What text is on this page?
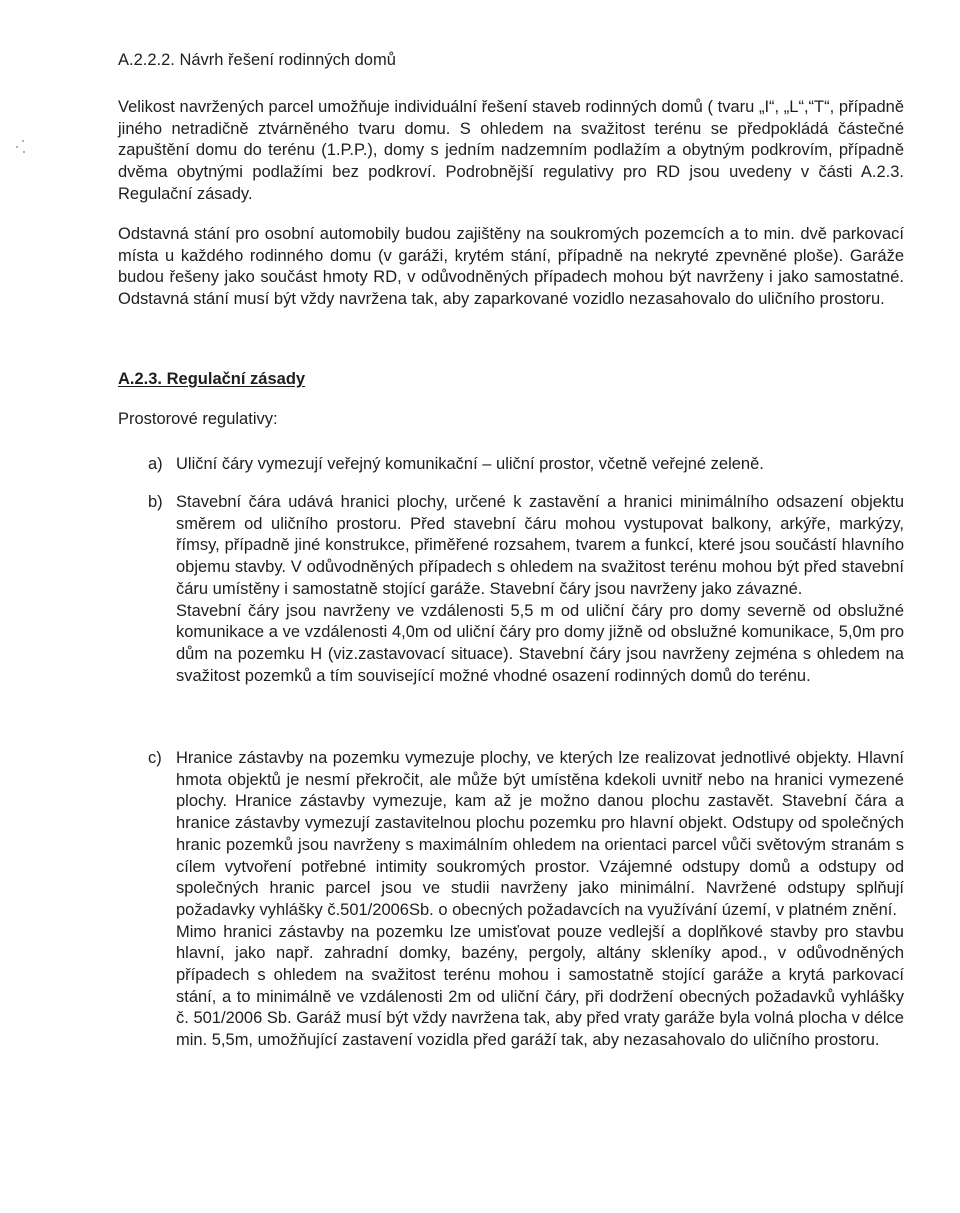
A.2.2.2. Návrh řešení rodinných domů

Velikost navržených parcel umožňuje individuální řešení staveb rodinných domů ( tvaru „I“, „L“,“T“, případně jiného netradičně ztvárněného tvaru domu. S ohledem na svažitost terénu se předpokládá částečné zapuštění domu do terénu (1.P.P.), domy s jedním nadzemním podlažím a obytným podkrovím, případně dvěma obytnými podlažími bez podkroví. Podrobnější regulativy pro RD jsou uvedeny v části A.2.3. Regulační zásady.

Odstavná stání pro osobní automobily budou zajištěny na soukromých pozemcích a to min. dvě parkovací místa u každého rodinného domu (v garáži, krytém stání, případně na nekryté zpevněné ploše). Garáže budou řešeny jako součást hmoty RD, v odůvodněných případech mohou být navrženy i jako samostatné. Odstavná stání musí být vždy navržena tak, aby zaparkované vozidlo nezasahovalo do uličního prostoru.

A.2.3. Regulační zásady

Prostorové regulativy:

a) Uliční čáry vymezují veřejný komunikační – uliční prostor, včetně veřejné zeleně.

b) Stavební čára udává hranici plochy, určené k zastavění a hranici minimálního odsazení objektu směrem od uličního prostoru. Před stavební čáru mohou vystupovat balkony, arkýře, markýzy, římsy, případně jiné konstrukce, přiměřené rozsahem, tvarem a funkcí, které jsou součástí hlavního objemu stavby. V odůvodněných případech s ohledem na svažitost terénu mohou být před stavební čáru umístěny i samostatně stojící garáže. Stavební čáry jsou navrženy jako závazné.

Stavební čáry jsou navrženy ve vzdálenosti 5,5 m od uliční čáry pro domy severně od obslužné komunikace a ve vzdálenosti 4,0m od uliční čáry pro domy jižně od obslužné komunikace, 5,0m pro dům na pozemku H (viz.zastavovací situace). Stavební čáry jsou navrženy zejména s ohledem na svažitost pozemků a tím související možné vhodné osazení rodinných domů do terénu.

c) Hranice zástavby na pozemku vymezuje plochy, ve kterých lze realizovat jednotlivé objekty. Hlavní hmota objektů je nesmí překročit, ale může být umístěna kdekoli uvnitř nebo na hranici vymezené plochy. Hranice zástavby vymezuje, kam až je možno danou plochu zastavět. Stavební čára a hranice zástavby vymezují zastavitelnou plochu pozemku pro hlavní objekt. Odstupy od společných hranic pozemků jsou navrženy s maximálním ohledem na orientaci parcel vůči světovým stranám s cílem vytvoření potřebné intimity soukromých prostor. Vzájemné odstupy domů a odstupy od společných hranic parcel jsou ve studii navrženy jako minimální. Navržené odstupy splňují požadavky vyhlášky č.501/2006Sb. o obecných požadavcích na využívání území, v platném znění.

Mimo hranici zástavby na pozemku lze umisťovat pouze vedlejší a doplňkové stavby pro stavbu hlavní, jako např. zahradní domky, bazény, pergoly, altány skleníky apod., v odůvodněných případech s ohledem na svažitost terénu mohou i samostatně stojící garáže a krytá parkovací stání, a to minimálně ve vzdálenosti 2m od uliční čáry, při dodržení obecných požadavků vyhlášky č. 501/2006 Sb. Garáž musí být vždy navržena tak, aby před vraty garáže byla volná plocha v délce min. 5,5m, umožňující zastavení vozidla před garáží tak, aby nezasahovalo do uličního prostoru.
